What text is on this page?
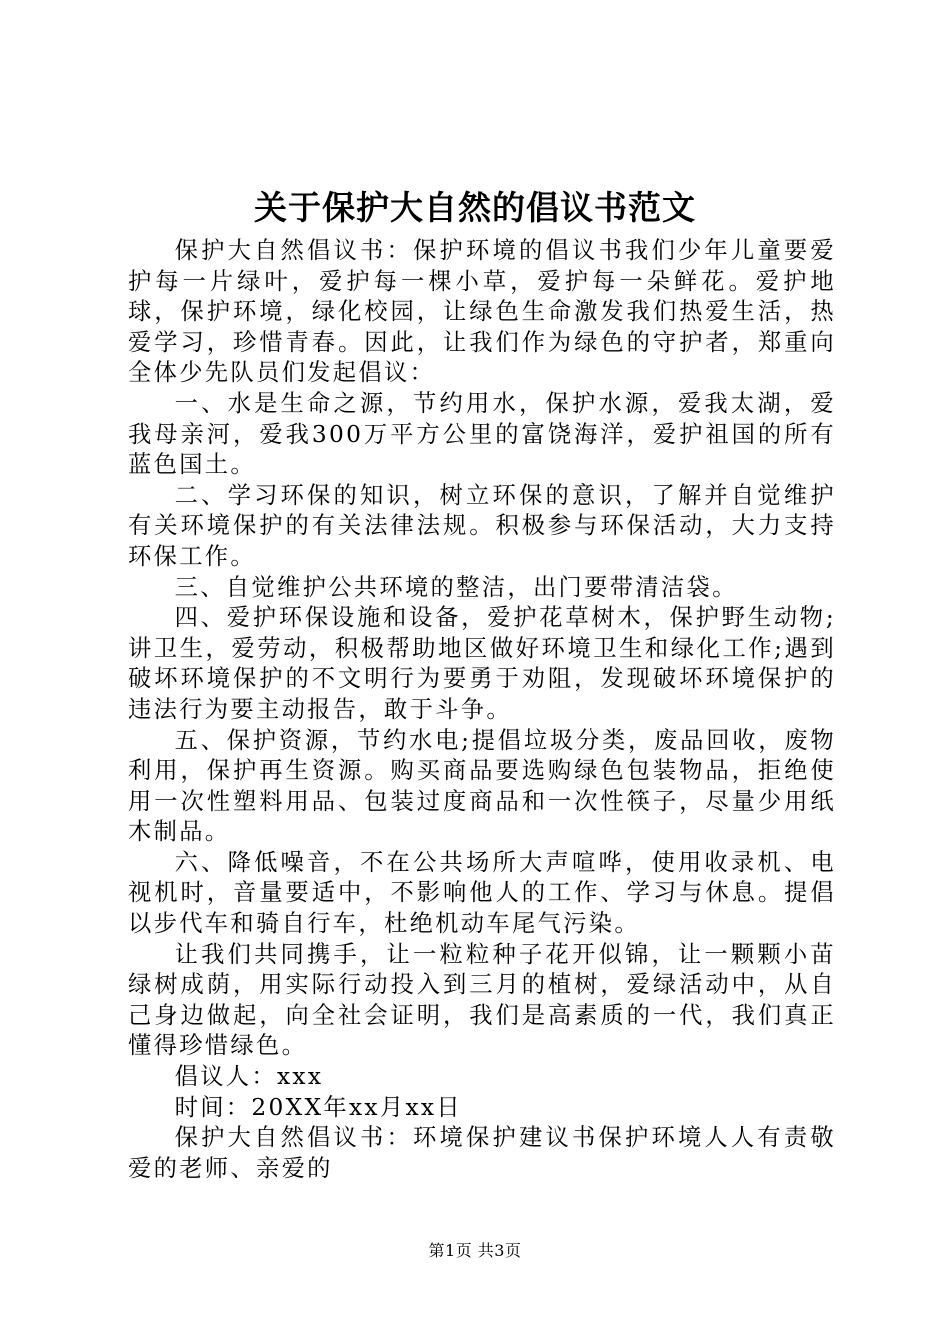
关于保护大自然的倡议书范文

保护大自然倡议书：保护环境的倡议书我们少年儿童要爱护每一片绿叶，爱护每一棵小草，爱护每一朵鲜花。爱护地球，保护环境，绿化校园，让绿色生命激发我们热爱生活，热爱学习，珍惜青春。因此，让我们作为绿色的守护者，郑重向全体少先队员们发起倡议：

一、水是生命之源，节约用水，保护水源，爱我太湖，爱我母亲河，爱我300万平方公里的富饶海洋，爱护祖国的所有蓝色国土。

二、学习环保的知识，树立环保的意识，了解并自觉维护有关环境保护的有关法律法规。积极参与环保活动，大力支持环保工作。

三、自觉维护公共环境的整洁，出门要带清洁袋。

四、爱护环保设施和设备，爱护花草树木，保护野生动物;讲卫生，爱劳动，积极帮助地区做好环境卫生和绿化工作;遇到破坏环境保护的不文明行为要勇于劝阻，发现破坏环境保护的违法行为要主动报告，敢于斗争。

五、保护资源，节约水电;提倡垃圾分类，废品回收，废物利用，保护再生资源。购买商品要选购绿色包装物品，拒绝使用一次性塑料用品、包装过度商品和一次性筷子，尽量少用纸木制品。

六、降低噪音，不在公共场所大声喧哗，使用收录机、电视机时，音量要适中，不影响他人的工作、学习与休息。提倡以步代车和骑自行车，杜绝机动车尾气污染。

让我们共同携手，让一粒粒种子花开似锦，让一颗颗小苗绿树成荫，用实际行动投入到三月的植树，爱绿活动中，从自己身边做起，向全社会证明，我们是高素质的一代，我们真正懂得珍惜绿色。

倡议人：xxx

时间：20XX年xx月xx日

保护大自然倡议书：环境保护建议书保护环境人人有责敬爱的老师、亲爱的

第1页 共3页
